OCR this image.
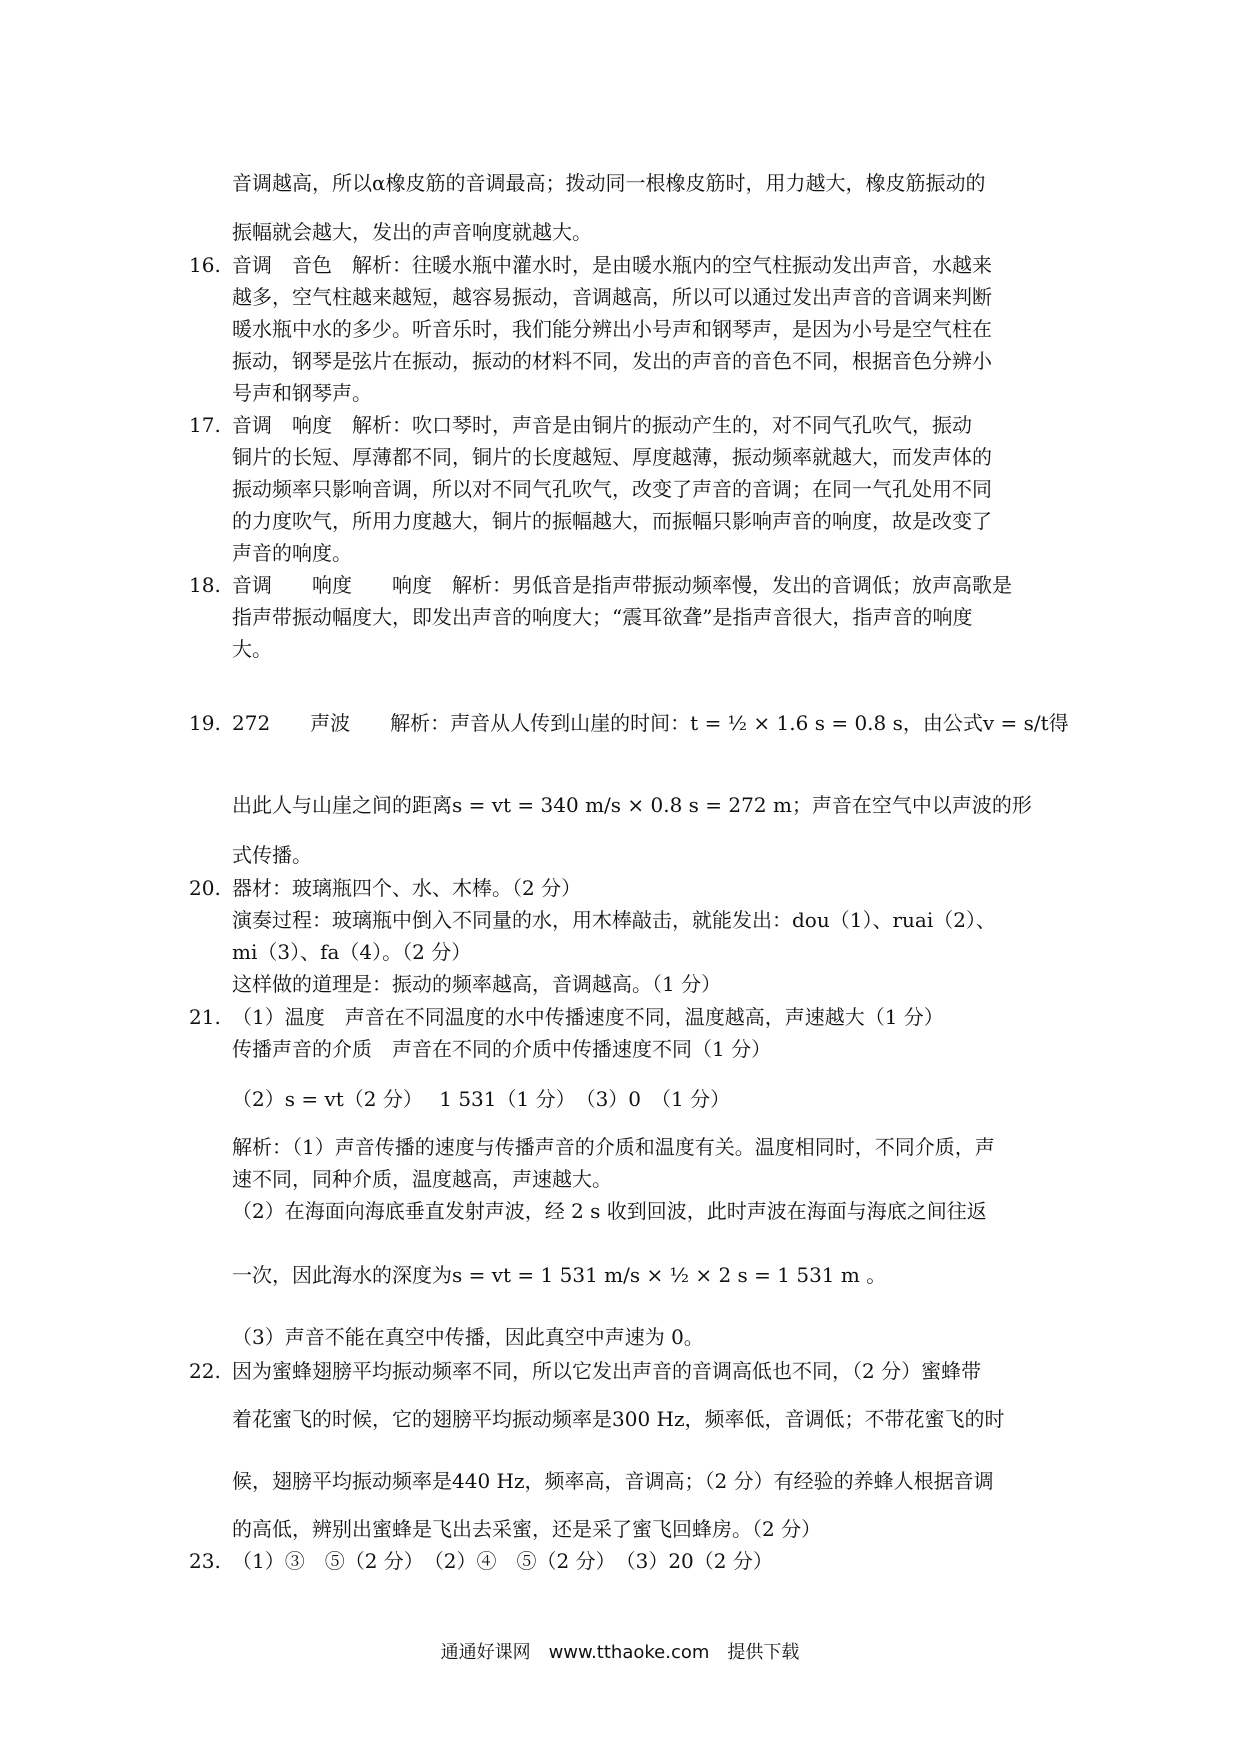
音调越高，所以α橡皮筋的音调最高；拨动同一根橡皮筋时，用力越大，橡皮筋振动的
振幅就会越大，发出的声音响度就越大。
16. 音调　音色　解析：往暖水瓶中灌水时，是由暖水瓶内的空气柱振动发出声音，水越来
越多，空气柱越来越短，越容易振动，音调越高，所以可以通过发出声音的音调来判断
暖水瓶中水的多少。听音乐时，我们能分辨出小号声和钢琴声，是因为小号是空气柱在
振动，钢琴是弦片在振动，振动的材料不同，发出的声音的音色不同，根据音色分辨小
号声和钢琴声。
17. 音调　响度　解析：吹口琴时，声音是由铜片的振动产生的，对不同气孔吹气，振动
铜片的长短、厚薄都不同，铜片的长度越短、厚度越薄，振动频率就越大，而发声体的
振动频率只影响音调，所以对不同气孔吹气，改变了声音的音调；在同一气孔处用不同
的力度吹气，所用力度越大，铜片的振幅越大，而振幅只影响声音的响度，故是改变了
声音的响度。
18. 音调　　响度　　响度　解析：男低音是指声带振动频率慢，发出的音调低；放声高歌是
指声带振动幅度大，即发出声音的响度大；“震耳欲聋”是指声音很大，指声音的响度
大。
19. 272　　声波　　解析：声音从人传到山崖的时间：t = ½ × 1.6 s = 0.8 s，由公式v = s/t得
出此人与山崖之间的距离s = vt = 340 m/s × 0.8 s = 272 m；声音在空气中以声波的形
式传播。
20. 器材：玻璃瓶四个、水、木棒。（2 分）
演奏过程：玻璃瓶中倒入不同量的水，用木棒敲击，就能发出：dou（1）、ruai（2）、
mi（3）、fa（4）。（2 分）
这样做的道理是：振动的频率越高，音调越高。（1 分）
21. （1）温度　声音在不同温度的水中传播速度不同，温度越高，声速越大（1 分）
传播声音的介质　声音在不同的介质中传播速度不同（1 分）
（2）s = vt（2 分）　 1 531（1 分）　（3）0　（1 分）
解析：（1）声音传播的速度与传播声音的介质和温度有关。温度相同时，不同介质，声
速不同，同种介质，温度越高，声速越大。
（2）在海面向海底垂直发射声波，经 2 s 收到回波，此时声波在海面与海底之间往返
一次，因此海水的深度为s = vt = 1 531 m/s × ½ × 2 s = 1 531 m 。
（3）声音不能在真空中传播，因此真空中声速为 0。
22. 因为蜜蜂翅膀平均振动频率不同，所以它发出声音的音调高低也不同，（2 分）蜜蜂带
着花蜜飞的时候，它的翅膀平均振动频率是300 Hz，频率低，音调低；不带花蜜飞的时
候，翅膀平均振动频率是440 Hz，频率高，音调高；（2 分）有经验的养蜂人根据音调
的高低，辨别出蜜蜂是飞出去采蜜，还是采了蜜飞回蜂房。（2 分）
23. （1）③　⑤（2 分）　（2）④　⑤（2 分）　（3）20（2 分）
通通好课网　www.tthaoke.com　提供下载
